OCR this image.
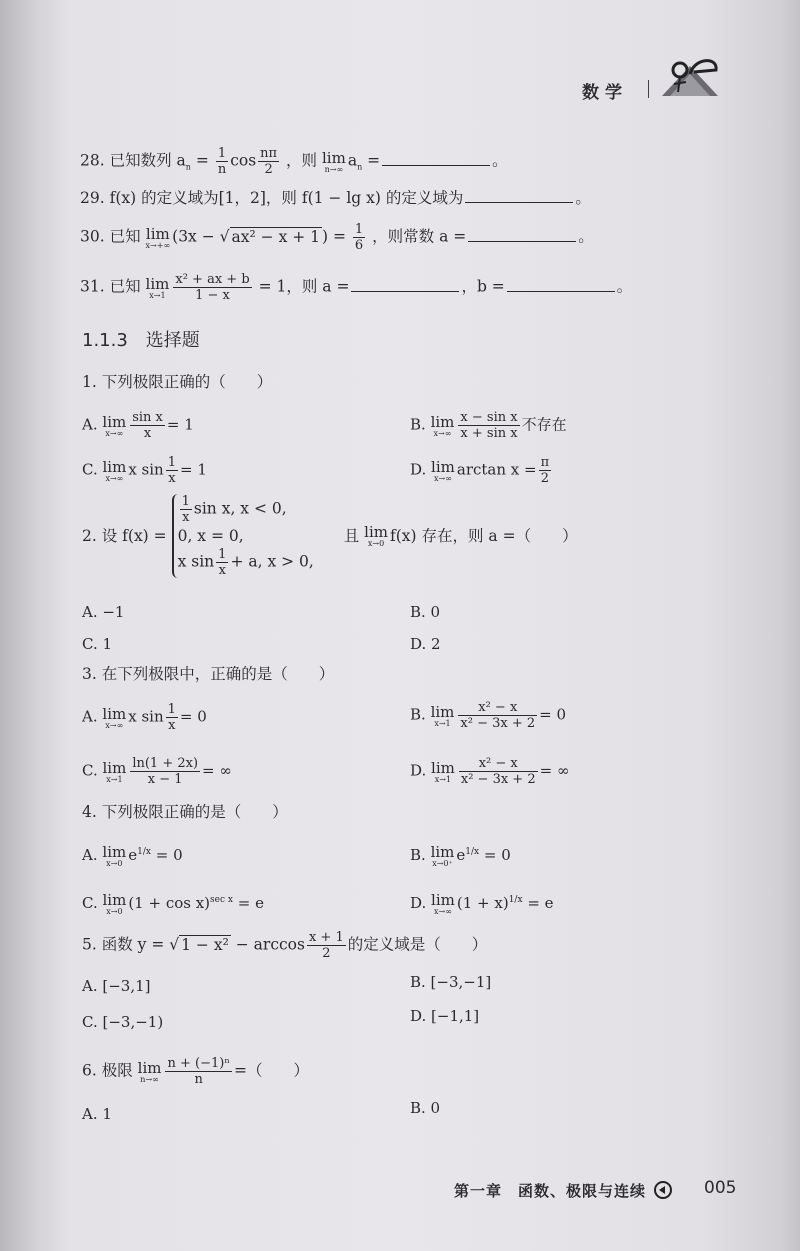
数学
28. 已知数列 $a_n = \frac{1}{n}$ $\cos \frac{n\pi}{2}$ ，则 lim
n→∞ $a_n$ =	。
29. f(x) 的定义域为[1，2]，则 f(1 − lg x) 的定义域为	。
30. 已知 lim
x→+∞ (3x − √ ax² − x + 1 ) = $\frac{1}{6}$ ，则常数 a =	。
31. 已知 lim
$x\to 1 \frac{\text{x² + ax + b}}{1 - x} = 1$，则 a =	，b =	。
1.1.3　选择题
1. 下列极限正确的（　　）
A. lim
$x\to\infty \frac{\text{sin x}}{x} = 1$	B. lim
$x\to\infty \frac{\text{x − sin x}}{\text{x + sin x}}$ 不存在
C. lim
x→∞ x $\sin \frac{1}{x} = 1$	D. lim
x→∞ $\arctan x = \frac{\pi}{2}$
2. 设 f(x) =
$\frac{1}{x}$ sin x, x < 0,
0, x = 0,
x $\sin \frac{1}{x} + a$, x > 0,
且 lim
x→0 f(x) 存在，则 a =（　　）
A. −1	B. 0
C. 1	D. 2
3. 在下列极限中，正确的是（　　）
A. lim
x→∞ x $\sin \frac{1}{x} = 0$	B. lim
$x\to 1 \frac{\text{x² − x}}{\text{x² − 3x + 2}} = 0$
C. lim
$x\to 1 \frac{\ln(1 + 2x)}{x - 1}$ = ∞	D. lim
$x\to 1 \frac{\text{x² − x}}{\text{x² − 3x + 2}}$ = ∞
4. 下列极限正确的是（　　）
A. lim
x→0 $e^{1/x} = 0$	B. lim
x→0⁺ $e^{1/x} = 0$
C. lim
x→0 $(1 + \cos x)^{sec x} = e$	D. lim
x→∞ $(1 + x)^{1/x} = e$
5. 函数 y = √ $1 - x^2 - \arccos \frac{x + 1}{2}$ 的定义域是（　　）
A. [−3,1]	B. [−3,−1]
C. [−3,−1)	D. [−1,1]
6. 极限 lim
$n\to\infty \frac{\text{n + (−1)ⁿ}}{n}$ =（　　）
A. 1	B. 0
第一章　函数、极限与连续	005
